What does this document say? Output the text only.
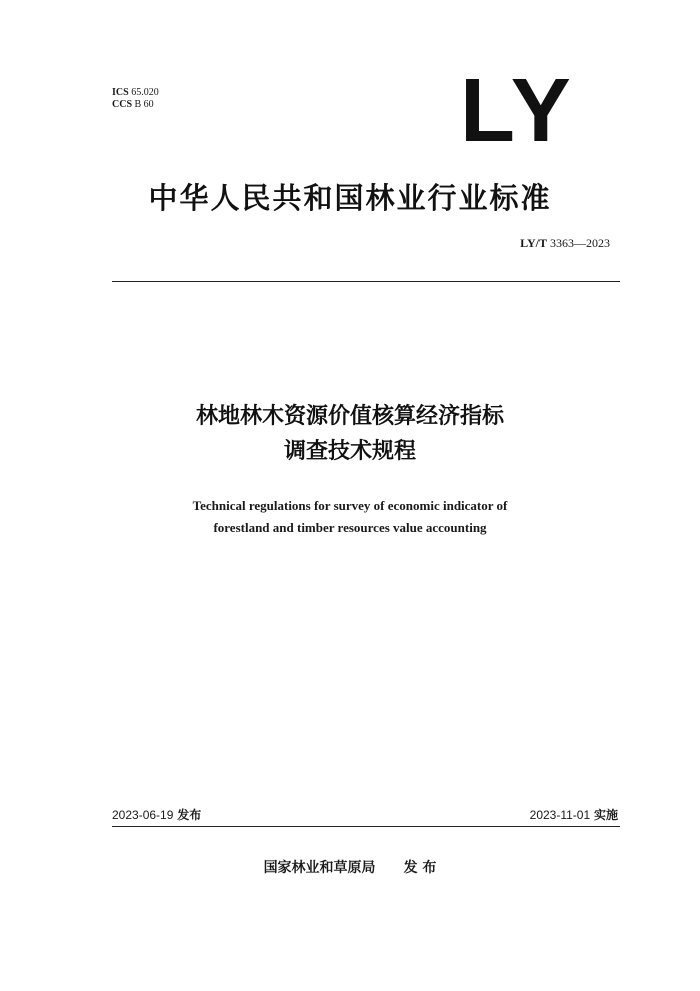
ICS 65.020
CCS B 60	LY
中华人民共和国林业行业标准
LY/T 3363—2023
林地林木资源价值核算经济指标
调查技术规程
Technical regulations for survey of economic indicator of
forestland and timber resources value accounting
2023-06-19 发布	2023-11-01 实施
国家林业和草原局 发 布
